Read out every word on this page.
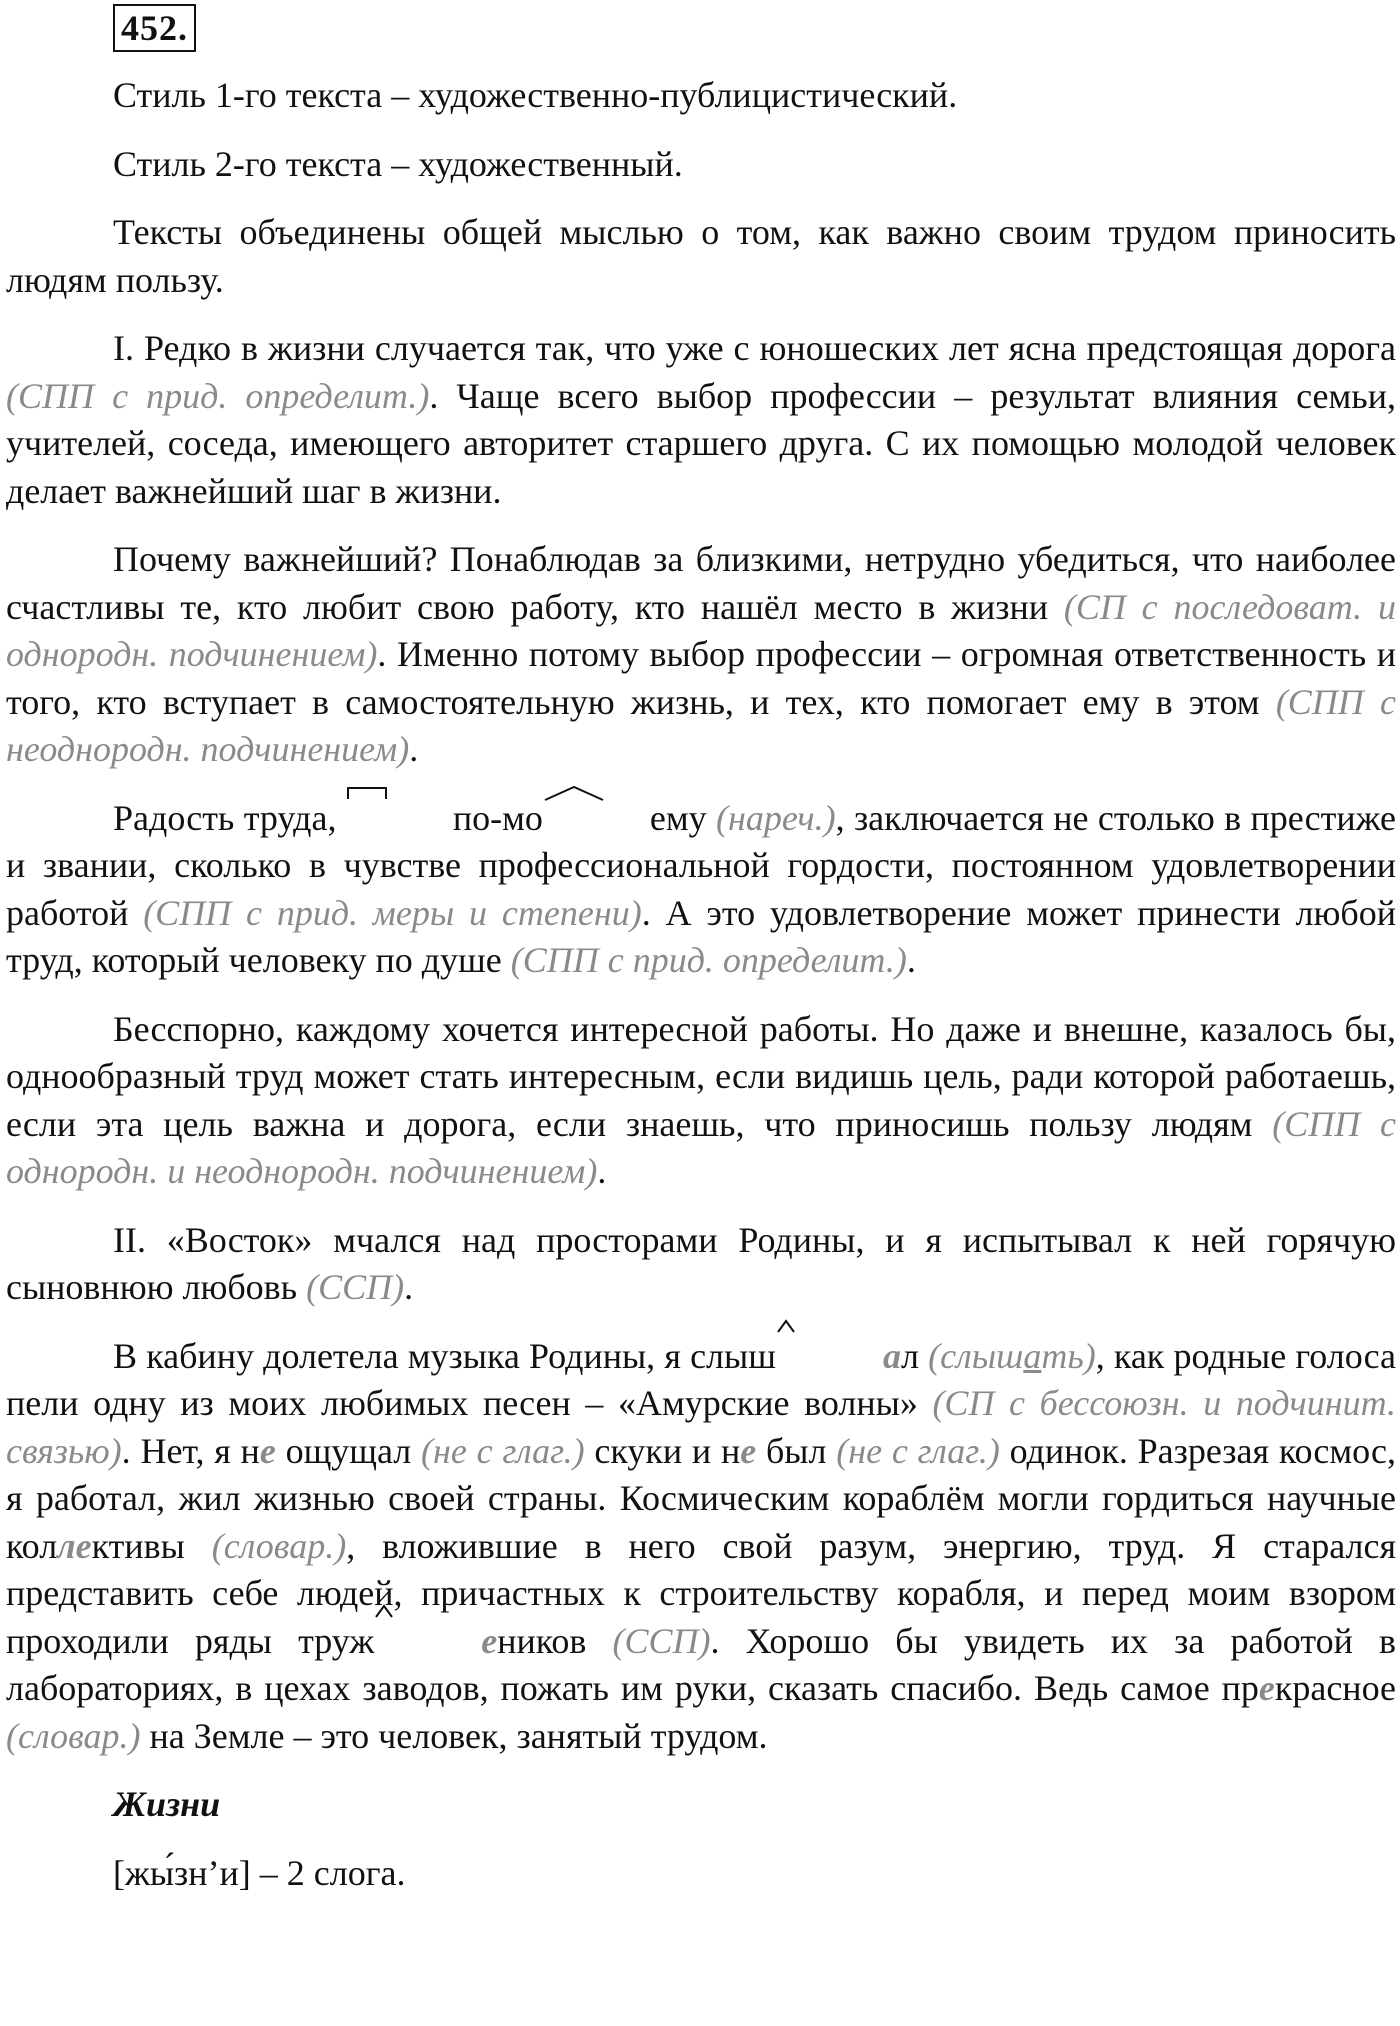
452.

Стиль 1-го текста – художественно-публицистический.

Стиль 2-го текста – художественный.

Тексты объединены общей мыслью о том, как важно своим трудом приносить людям пользу.

I. Редко в жизни случается так, что уже с юношеских лет ясна предстоящая дорога (СПП с прид. определит.). Чаще всего выбор профессии – результат влияния семьи, учителей, соседа, имеющего авторитет старшего друга. С их помощью молодой человек делает важнейший шаг в жизни.

Почему важнейший? Понаблюдав за близкими, нетрудно убедиться, что наиболее счастливы те, кто любит свою работу, кто нашёл место в жизни (СП с последоват. и однородн. подчинением). Именно потому выбор профессии – огромная ответственность и того, кто вступает в самостоятельную жизнь, и тех, кто помогает ему в этом (СПП с неоднородн. подчинением).

Радость труда,	по-мо	ему (нареч.), заключается не столько в престиже и звании, сколько в чувстве профессиональной гордости, постоянном удовлетворении работой (СПП с прид. меры и степени). А это удовлетворение может принести любой труд, который человеку по душе (СПП с прид. определит.).

Бесспорно, каждому хочется интересной работы. Но даже и внешне, казалось бы, однообразный труд может стать интересным, если видишь цель, ради которой работаешь, если эта цель важна и дорога, если знаешь, что приносишь пользу людям (СПП с однородн. и неоднородн. подчинением).

II. «Восток» мчался над просторами Родины, и я испытывал к ней горячую сыновнюю любовь (ССП).

В кабину долетела музыка Родины, я слыш	ал (слышать), как родные голоса пели одну из моих любимых песен – «Амурские волны» (СП с бессоюзн. и подчинит. связью). Нет, я не ощущал (не с глаг.) скуки и не был (не с глаг.) одинок. Разрезая космос, я работал, жил жизнью своей страны. Космическим кораблём могли гордиться научные коллективы (словар.), вложившие в него свой разум, энергию, труд. Я старался представить себе людей, причастных к строительству корабля, и перед моим взором проходили ряды труж	еников (ССП). Хорошо бы увидеть их за работой в лабораториях, в цехах заводов, пожать им руки, сказать спасибо. Ведь самое прекрасное (словар.) на Земле – это человек, занятый трудом.

Жизни

[жы́зн’и] – 2 слога.
